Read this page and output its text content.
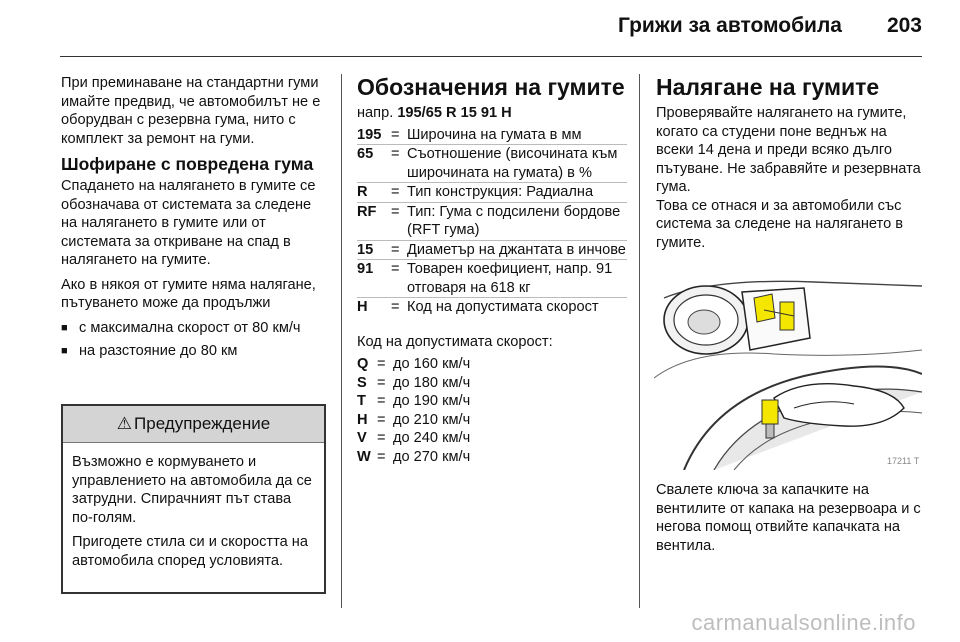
Грижи за автомобила 203

При преминаване на стандартни гуми имайте предвид, че автомобилът не е оборудван с резервна гума, нито с комплект за ремонт на гуми.

Шофиране с повредена гума

Спадането на налягането в гумите се обозначава от системата за следене на налягането в гумите или от системата за откриване на спад в налягането на гумите.

Ако в някоя от гумите няма налягане, пътуването може да продължи

■ с максимална скорост от 80 км/ч
■ на разстояние до 80 км
⚠ Предупреждение

Възможно е кормуването и управлението на автомобила да се затрудни. Спирачният път става по-голям.

Пригодете стила си и скоростта на автомобила според условията.

Обозначения на гумите
напр. 195/65 R 15 91 H
195	=	Широчина на гумата в мм
65	=	Съотношение (височината към широчината на гумата) в %
R	=	Тип конструкция: Радиална
RF	=	Тип: Гума с подсилени бордове (RFT гума)
15	=	Диаметър на джантата в инчове
91	=	Товарен коефициент, напр. 91 отговаря на 618 кг
H	=	Код на допустимата скорост

Код на допустимата скорост:

Q	=	до 160 км/ч
S	=	до 180 км/ч
T	=	до 190 км/ч
H	=	до 210 км/ч
V	=	до 240 км/ч
W	=	до 270 км/ч
Налягане на гумите

Проверявайте налягането на гумите, когато са студени поне веднъж на всеки 14 дена и преди всяко дълго пътуване. Не забравяйте и резервната гума.

Това се отнася и за автомобили със система за следене на налягането в гумите.

17211 T

Свалете ключа за капачките на вентилите от капака на резервоара и с негова помощ отвийте капачката на вентила.

carmanualsonline.info
